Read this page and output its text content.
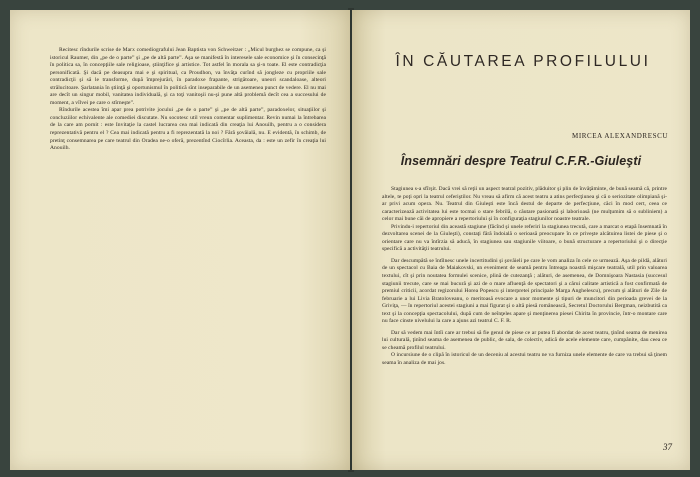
Recitesc rîndurile scrise de Marx comediografului Jean Baptista von Schweitzer : „Micul burghez se compune, ca şi istoricul Raumer, din „pe de o parte” şi „pe de altă parte”. Aşa se manifestă în interesele sale economice şi în consecinţă în politica sa, în concepţiile sale religioase, ştiinţifice şi artistice. Tot astfel în morala sa şi-n toate. El este contradicţia personificată. Şi dacă pe deasupra mai e şi spiritual, ca Proudhon, va învăţa curînd să jongleze cu propriile sale contradicţii şi să le transforme, după împrejurări, în paradoxe frapante, strigătoare, uneori scandaloase, alteori strălucitoare. Şarlatania în ştiinţă şi oportunismul în politică sînt inseparabile de un asemenea punct de vedere. El nu mai are decît un singur mobil, vanitatea individuală, şi ca toţi vanitoşii nu-şi pune altă problemă decît cea a succesului de moment, a vîlvei pe care o stîrneşte”.

Rîndurile acestea îmi apar prea potrivite jocului „pe de o parte” şi „pe de altă parte”, paradoxelor, situaţiilor şi concluziilor echivalente ale comediei discutate. Nu socotesc util vreun comentar suplimentar. Revin numai la întrebarea de la care am pornit : este Invitaţie la castel lucrarea cea mai indicată din creaţia lui Anouilh, pentru a o considera reprezentativă pentru el ? Cea mai indicată pentru a fi reprezentată la noi ? Fără şovăială, nu. E evidentă, în schimb, de pretinţ consemnarea pe care teatrul din Oradea ne-o oferă, prezentînd Ciocîrlia. Aceasta, da : este un zefir în creaţia lui Anouilh.

ÎN CĂUTAREA PROFILULUI
MIRCEA ALEXANDRESCU
Însemnări despre Teatrul C.F.R.-Giuleşti

Stagiunea s-a sfîrşit. Dacă vrei să reţii un aspect teatral pozitiv, plăduitor şi plin de învăţăminte, de bună seamă că, printre altele, te poţi opri la teatrul ceferiştilor. Nu vreau să afirm că acest teatru a atins perfecţiunea şi că o seriozitate olimpiană şi-ar privi acum opera. Nu. Teatrul din Giuleşti este încă destul de departe de perfecţiune, căci în mod cert, ceea ce caracterizează activitatea lui este tocmai o stare febrilă, o căutare pasionată şi laborioasă (ne mulţumim să o subliniem) a celor mai bune căi de apropiere a repertoriului şi în configuraţia stagiunilor noastre teatrale.

Privindu-i repertoriul din această stagiune (făcînd şi unele referiri la stagiunea trecută, care a marcat o etapă însemnată în dezvoltarea scenei de la Giuleşti), constaţi fără îndoială o serioasă preocupare în ce priveşte alcătuirea listei de piese şi o orientare care nu va întîrzia să aducă, în stagiunea sau stagiunile viitoare, o bună structurare a repertoriului şi o direcţie specifică a activităţii teatrului.

Dar descumpătă se întîlnesc unele incertitudini şi şovăieli pe care le vom analiza în cele ce urmează. Aşa de pildă, alături de un spectacol cu Baia de Maiakovski, un eveniment de seamă pentru întreaga noastră mişcare teatrală, util prin valoarea textului, cît şi prin noutatea formulei scenice, plină de cutezanţă ; alături, de asemenea, de Domnişoara Nastasia (succesul stagiunii trecute, care se mai bucură şi azi de o mare afluenţă de spectatori şi a cărui calitate artistică a fost confirmată de premiul criticii, acordat regizorului Horea Popescu şi interpretei principale Marga Anghelescu), precum şi alături de Zile de februarie a lui Livia Bratoloveanu, o meritoasă evocare a unor momente şi tipuri de muncitori din perioada grevei de la Griviţa, — în repertoriul acestei stagiuni a mai figurat şi o altă piesă românească, Secretul Doctorului Bergman, neizbutită ca text şi la concepţia spectacolului, după cum de neînţeles apare şi menţinerea piesei Chirita în provincie, într-o montare care nu face cinste nivelului la care a ajuns azi teatrul C. F. R.

Dar să vedem mai întîi care ar trebui să fie genul de piese ce ar putea fi abordat de acest teatru, ţinînd seama de menirea lui culturală, ţinînd seama de asemenea de public, de sala, de colectiv, adică de acele elemente care, cumpănite, dau ceea ce se cheamă profilul teatrului.

O incursiune de o clipă în istoricul de un deceniu al acestui teatru ne va furniza unele elemente de care va trebui să ţinem seama în analiza de mai jos.

37
